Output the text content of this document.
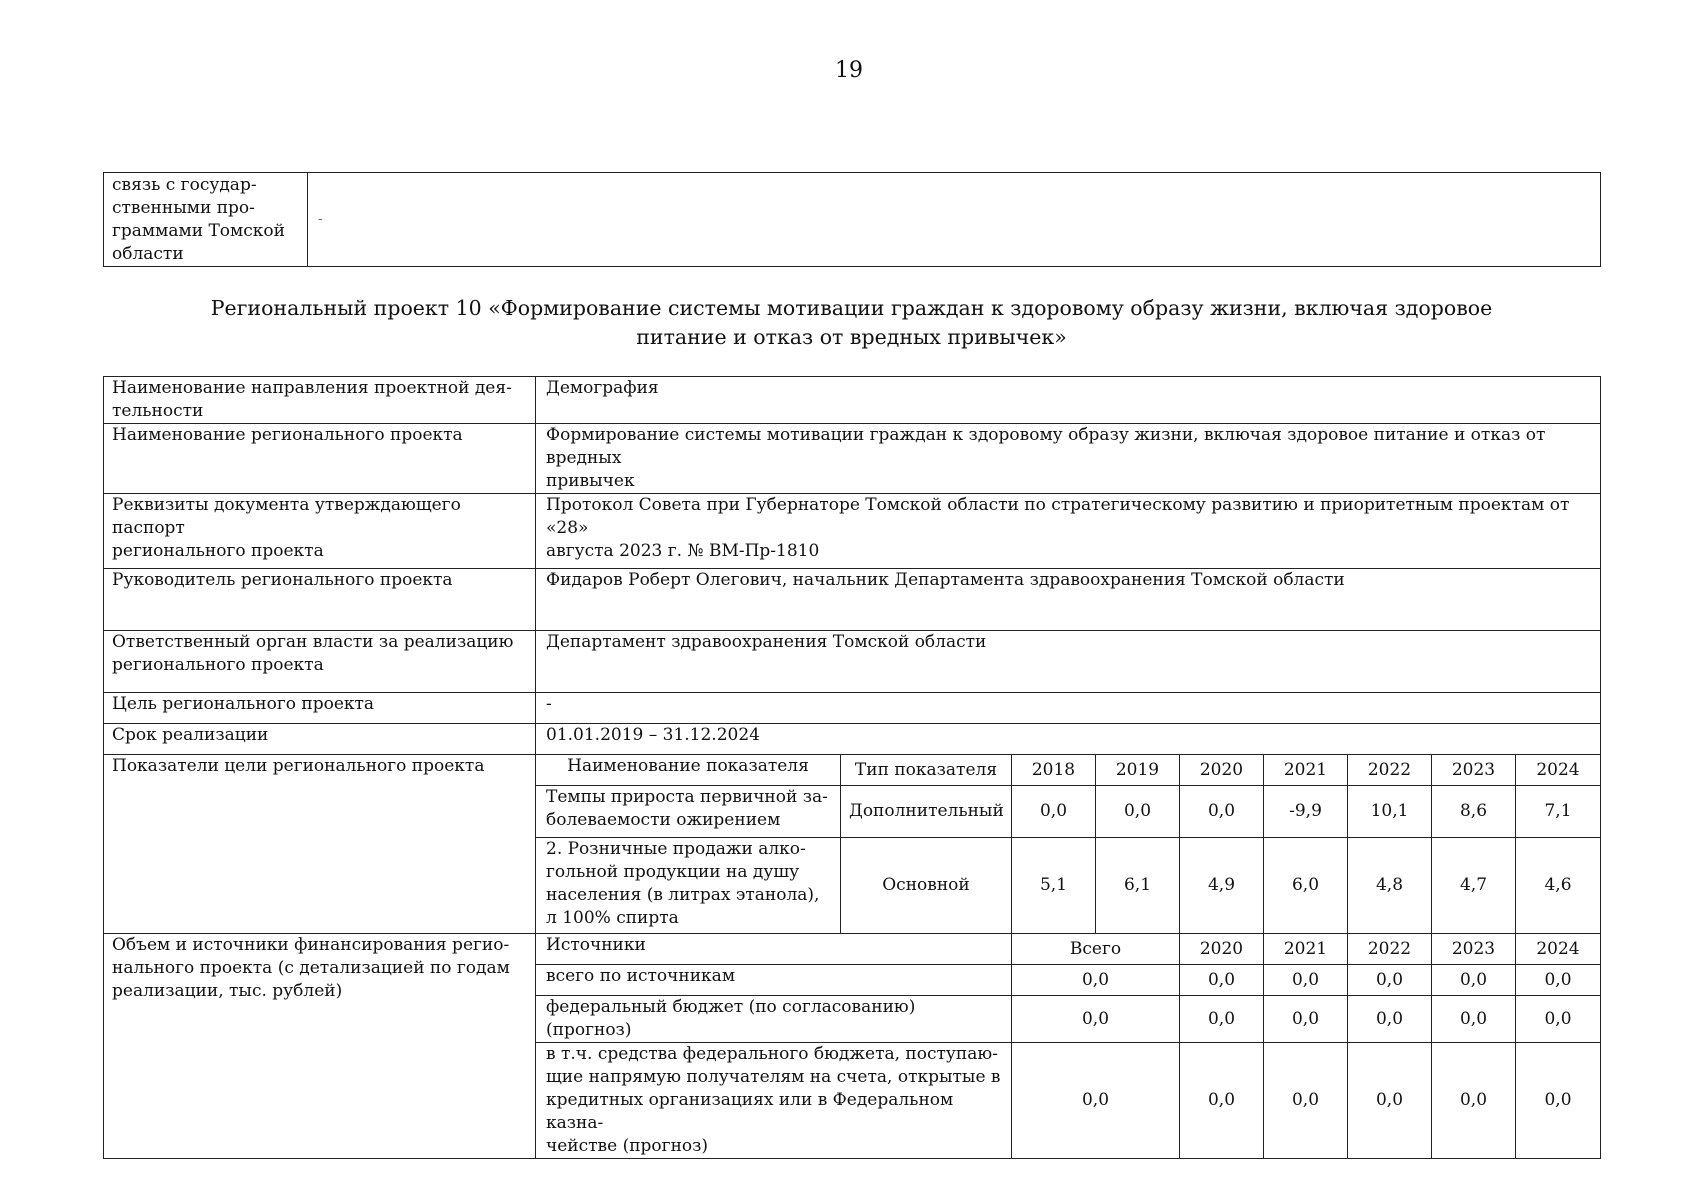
19
связь с государ-
ственными про-
граммами Томской
области	-
Региональный проект 10 «Формирование системы мотивации граждан к здоровому образу жизни, включая здоровое
питание и отказ от вредных привычек»
Наименование направления проектной дея-
тельности	Демография								
Наименование регионального проекта	Формирование системы мотивации граждан к здоровому образу жизни, включая здоровое питание и отказ от вредных
привычек								
Реквизиты документа утверждающего паспорт
регионального проекта	Протокол Совета при Губернаторе Томской области по стратегическому развитию и приоритетным проектам от «28»
августа 2023 г. № ВМ-Пр-1810								
Руководитель регионального проекта	Фидаров Роберт Олегович, начальник Департамента здравоохранения Томской области								
Ответственный орган власти за реализацию
регионального проекта	Департамент здравоохранения Томской области								
Цель регионального проекта	-								
Срок реализации	01.01.2019 – 31.12.2024								
Показатели цели регионального проекта	Наименование показателя	Тип показателя	2018	2019	2020	2021	2022	2023	2024
	Темпы прироста первичной за-
болеваемости ожирением	Дополнительный	0,0	0,0	0,0	-9,9	10,1	8,6	7,1
	2. Розничные продажи алко-
гольной продукции на душу
населения (в литрах этанола),
л 100% спирта	Основной	5,1	6,1	4,9	6,0	4,8	4,7	4,6
Объем и источники финансирования регио-
нального проекта (с детализацией по годам
реализации, тыс. рублей)	Источники		Всего		2020	2021	2022	2023	2024
	всего по источникам		0,0		0,0	0,0	0,0	0,0	0,0
	федеральный бюджет (по согласованию) (прогноз)		0,0		0,0	0,0	0,0	0,0	0,0
	в т.ч. средства федерального бюджета, поступаю-
щие напрямую получателям на счета, открытые в
кредитных организациях или в Федеральном казна-
чействе (прогноз)		0,0		0,0	0,0	0,0	0,0	0,0
